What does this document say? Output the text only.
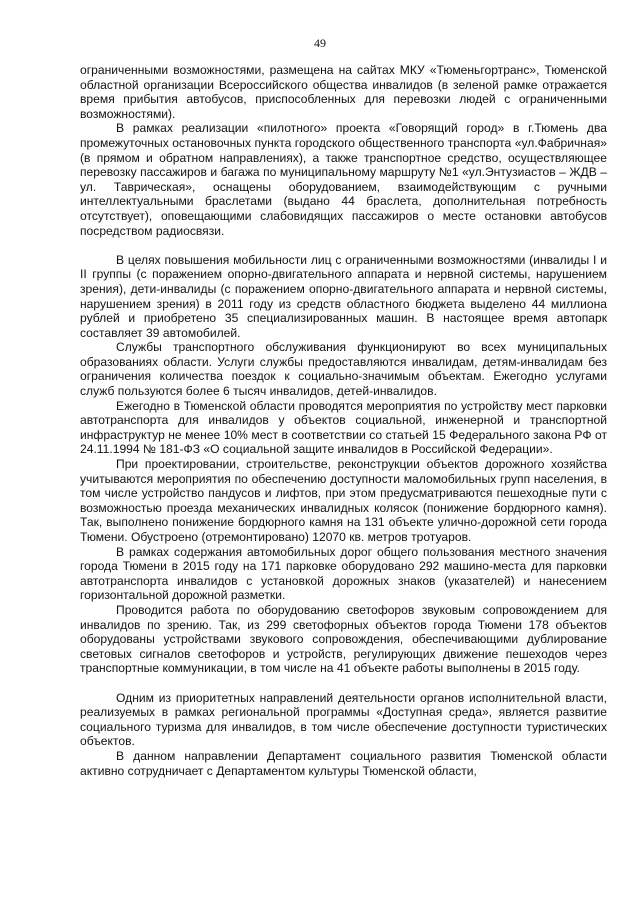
49

ограниченными возможностями, размещена на сайтах МКУ «Тюменьгортранс», Тюменской областной организации Всероссийского общества инвалидов (в зеленой рамке отражается время прибытия автобусов, приспособленных для перевозки людей с ограниченными возможностями).

В рамках реализации «пилотного» проекта «Говорящий город» в г.Тюмень два промежуточных остановочных пункта городского общественного транспорта «ул.Фабричная» (в прямом и обратном направлениях), а также транспортное средство, осуществляющее перевозку пассажиров и багажа по муниципальному маршруту №1 «ул.Энтузиастов – ЖДВ – ул. Таврическая», оснащены оборудованием, взаимодействующим с ручными интеллектуальными браслетами (выдано 44 браслета, дополнительная потребность отсутствует), оповещающими слабовидящих пассажиров о месте остановки автобусов посредством радиосвязи.

В целях повышения мобильности лиц с ограниченными возможностями (инвалиды I и II группы (с поражением опорно-двигательного аппарата и нервной системы, нарушением зрения), дети-инвалиды (с поражением опорно-двигательного аппарата и нервной системы, нарушением зрения) в 2011 году из средств областного бюджета выделено 44 миллиона рублей и приобретено 35 специализированных машин. В настоящее время автопарк составляет 39 автомобилей.

Службы транспортного обслуживания функционируют во всех муниципальных образованиях области. Услуги службы предоставляются инвалидам, детям-инвалидам без ограничения количества поездок к социально-значимым объектам. Ежегодно услугами служб пользуются более 6 тысяч инвалидов, детей-инвалидов.

Ежегодно в Тюменской области проводятся мероприятия по устройству мест парковки автотранспорта для инвалидов у объектов социальной, инженерной и транспортной инфраструктур не менее 10% мест в соответствии со статьей 15 Федерального закона РФ от 24.11.1994 № 181-ФЗ «О социальной защите инвалидов в Российской Федерации».

При проектировании, строительстве, реконструкции объектов дорожного хозяйства учитываются мероприятия по обеспечению доступности маломобильных групп населения, в том числе устройство пандусов и лифтов, при этом предусматриваются пешеходные пути с возможностью проезда механических инвалидных колясок (понижение бордюрного камня). Так, выполнено понижение бордюрного камня на 131 объекте улично-дорожной сети города Тюмени. Обустроено (отремонтировано) 12070 кв. метров тротуаров.

В рамках содержания автомобильных дорог общего пользования местного значения города Тюмени в 2015 году на 171 парковке оборудовано 292 машино-места для парковки автотранспорта инвалидов с установкой дорожных знаков (указателей) и нанесением горизонтальной дорожной разметки.

Проводится работа по оборудованию светофоров звуковым сопровождением для инвалидов по зрению. Так, из 299 светофорных объектов города Тюмени 178 объектов оборудованы устройствами звукового сопровождения, обеспечивающими дублирование световых сигналов светофоров и устройств, регулирующих движение пешеходов через транспортные коммуникации, в том числе на 41 объекте работы выполнены в 2015 году.

Одним из приоритетных направлений деятельности органов исполнительной власти, реализуемых в рамках региональной программы «Доступная среда», является развитие социального туризма для инвалидов, в том числе обеспечение доступности туристических объектов.

В данном направлении Департамент социального развития Тюменской области активно сотрудничает с Департаментом культуры Тюменской области,
